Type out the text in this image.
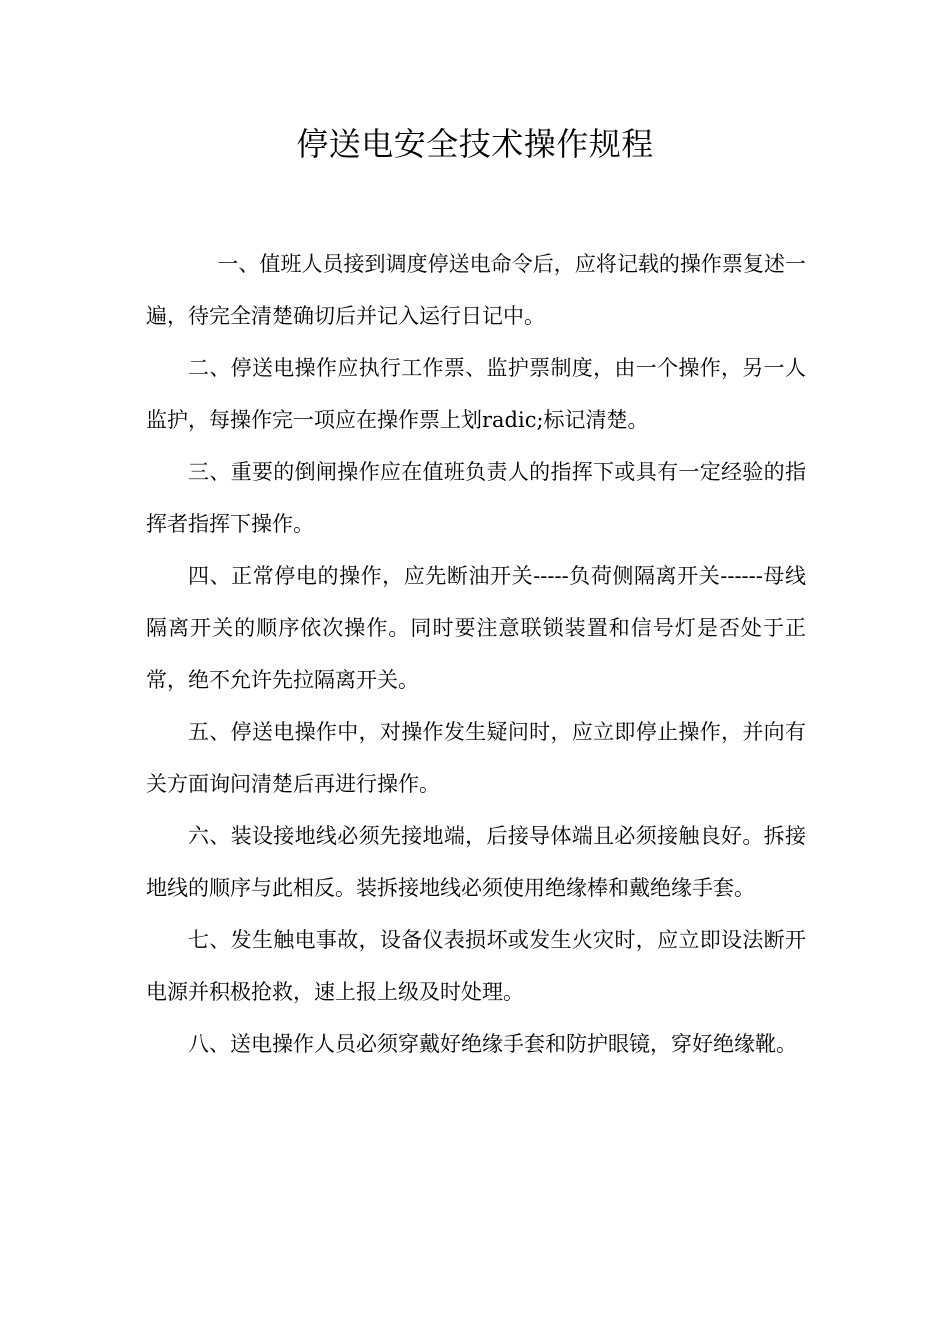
停送电安全技术操作规程

一、值班人员接到调度停送电命令后，应将记载的操作票复述一遍，待完全清楚确切后并记入运行日记中。

二、停送电操作应执行工作票、监护票制度，由一个操作，另一人监护，每操作完一项应在操作票上划radic;标记清楚。

三、重要的倒闸操作应在值班负责人的指挥下或具有一定经验的指挥者指挥下操作。

四、正常停电的操作，应先断油开关-----负荷侧隔离开关------母线隔离开关的顺序依次操作。同时要注意联锁装置和信号灯是否处于正常，绝不允许先拉隔离开关。

五、停送电操作中，对操作发生疑问时，应立即停止操作，并向有关方面询问清楚后再进行操作。

六、装设接地线必须先接地端，后接导体端且必须接触良好。拆接地线的顺序与此相反。装拆接地线必须使用绝缘棒和戴绝缘手套。

七、发生触电事故，设备仪表损坏或发生火灾时，应立即设法断开电源并积极抢救，速上报上级及时处理。

八、送电操作人员必须穿戴好绝缘手套和防护眼镜，穿好绝缘靴。
